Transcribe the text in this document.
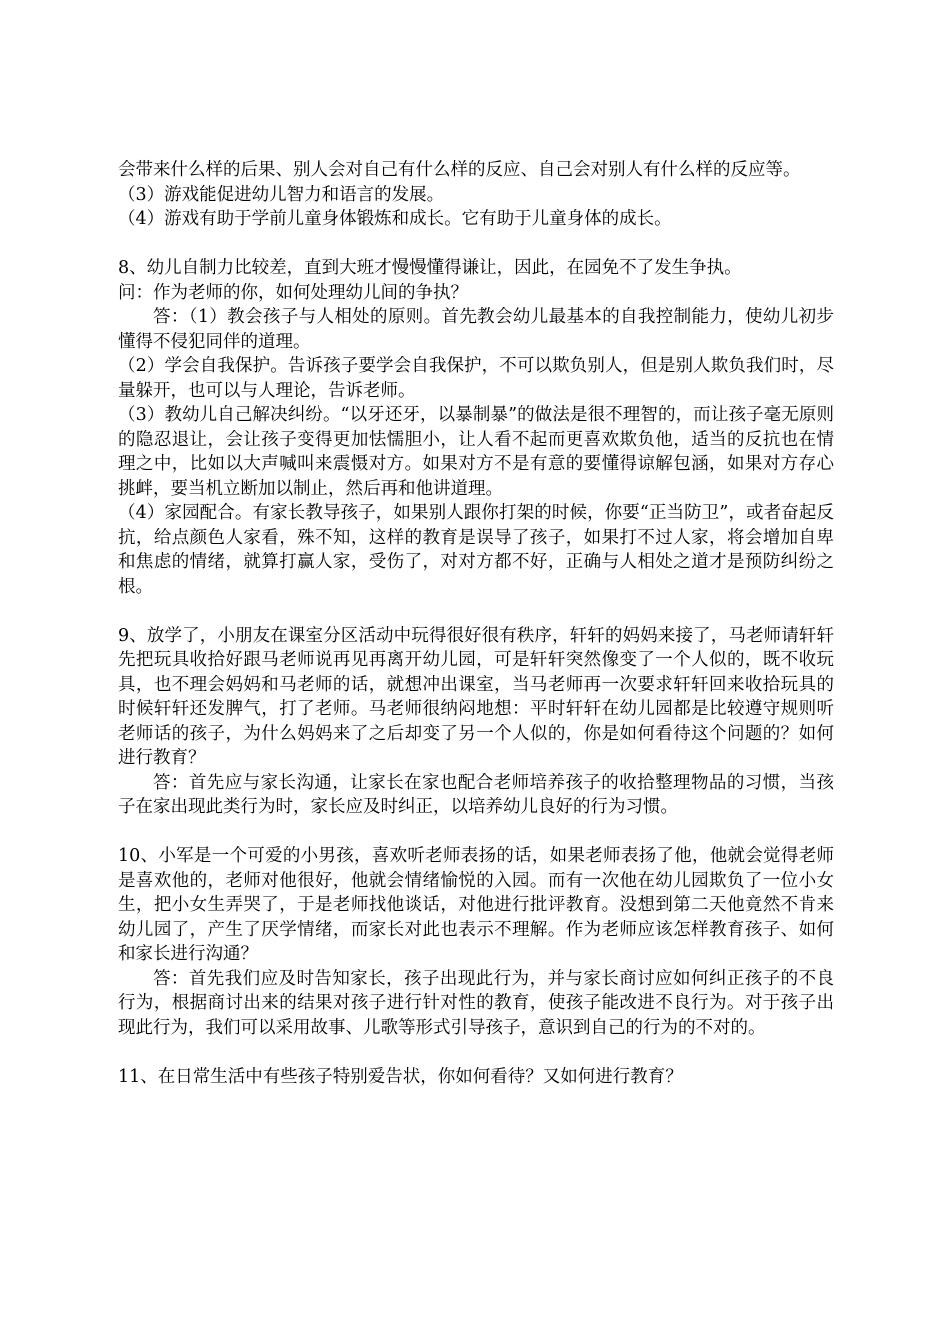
会带来什么样的后果、别人会对自己有什么样的反应、自己会对别人有什么样的反应等。

（3）游戏能促进幼儿智力和语言的发展。

（4）游戏有助于学前儿童身体锻炼和成长。它有助于儿童身体的成长。

8、幼儿自制力比较差，直到大班才慢慢懂得谦让，因此，在园免不了发生争执。

问：作为老师的你，如何处理幼儿间的争执？

答：（1）教会孩子与人相处的原则。首先教会幼儿最基本的自我控制能力，使幼儿初步懂得不侵犯同伴的道理。

（2）学会自我保护。告诉孩子要学会自我保护，不可以欺负别人，但是别人欺负我们时，尽量躲开，也可以与人理论，告诉老师。

（3）教幼儿自己解决纠纷。“以牙还牙，以暴制暴”的做法是很不理智的，而让孩子毫无原则的隐忍退让，会让孩子变得更加怯懦胆小，让人看不起而更喜欢欺负他，适当的反抗也在情理之中，比如以大声喊叫来震慑对方。如果对方不是有意的要懂得谅解包涵，如果对方存心挑衅，要当机立断加以制止，然后再和他讲道理。

（4）家园配合。有家长教导孩子，如果别人跟你打架的时候，你要“正当防卫”，或者奋起反抗，给点颜色人家看，殊不知，这样的教育是误导了孩子，如果打不过人家，将会增加自卑和焦虑的情绪，就算打赢人家，受伤了，对对方都不好，正确与人相处之道才是预防纠纷之根。

9、放学了，小朋友在课室分区活动中玩得很好很有秩序，轩轩的妈妈来接了，马老师请轩轩先把玩具收拾好跟马老师说再见再离开幼儿园，可是轩轩突然像变了一个人似的，既不收玩具，也不理会妈妈和马老师的话，就想冲出课室，当马老师再一次要求轩轩回来收拾玩具的时候轩轩还发脾气，打了老师。马老师很纳闷地想：平时轩轩在幼儿园都是比较遵守规则听老师话的孩子，为什么妈妈来了之后却变了另一个人似的，你是如何看待这个问题的？如何进行教育？

答：首先应与家长沟通，让家长在家也配合老师培养孩子的收拾整理物品的习惯，当孩子在家出现此类行为时，家长应及时纠正，以培养幼儿良好的行为习惯。

10、小军是一个可爱的小男孩，喜欢听老师表扬的话，如果老师表扬了他，他就会觉得老师是喜欢他的，老师对他很好，他就会情绪愉悦的入园。而有一次他在幼儿园欺负了一位小女生，把小女生弄哭了，于是老师找他谈话，对他进行批评教育。没想到第二天他竟然不肯来幼儿园了，产生了厌学情绪，而家长对此也表示不理解。作为老师应该怎样教育孩子、如何和家长进行沟通？

答：首先我们应及时告知家长，孩子出现此行为，并与家长商讨应如何纠正孩子的不良行为，根据商讨出来的结果对孩子进行针对性的教育，使孩子能改进不良行为。对于孩子出现此行为，我们可以采用故事、儿歌等形式引导孩子，意识到自己的行为的不对的。

11、在日常生活中有些孩子特别爱告状，你如何看待？又如何进行教育？
